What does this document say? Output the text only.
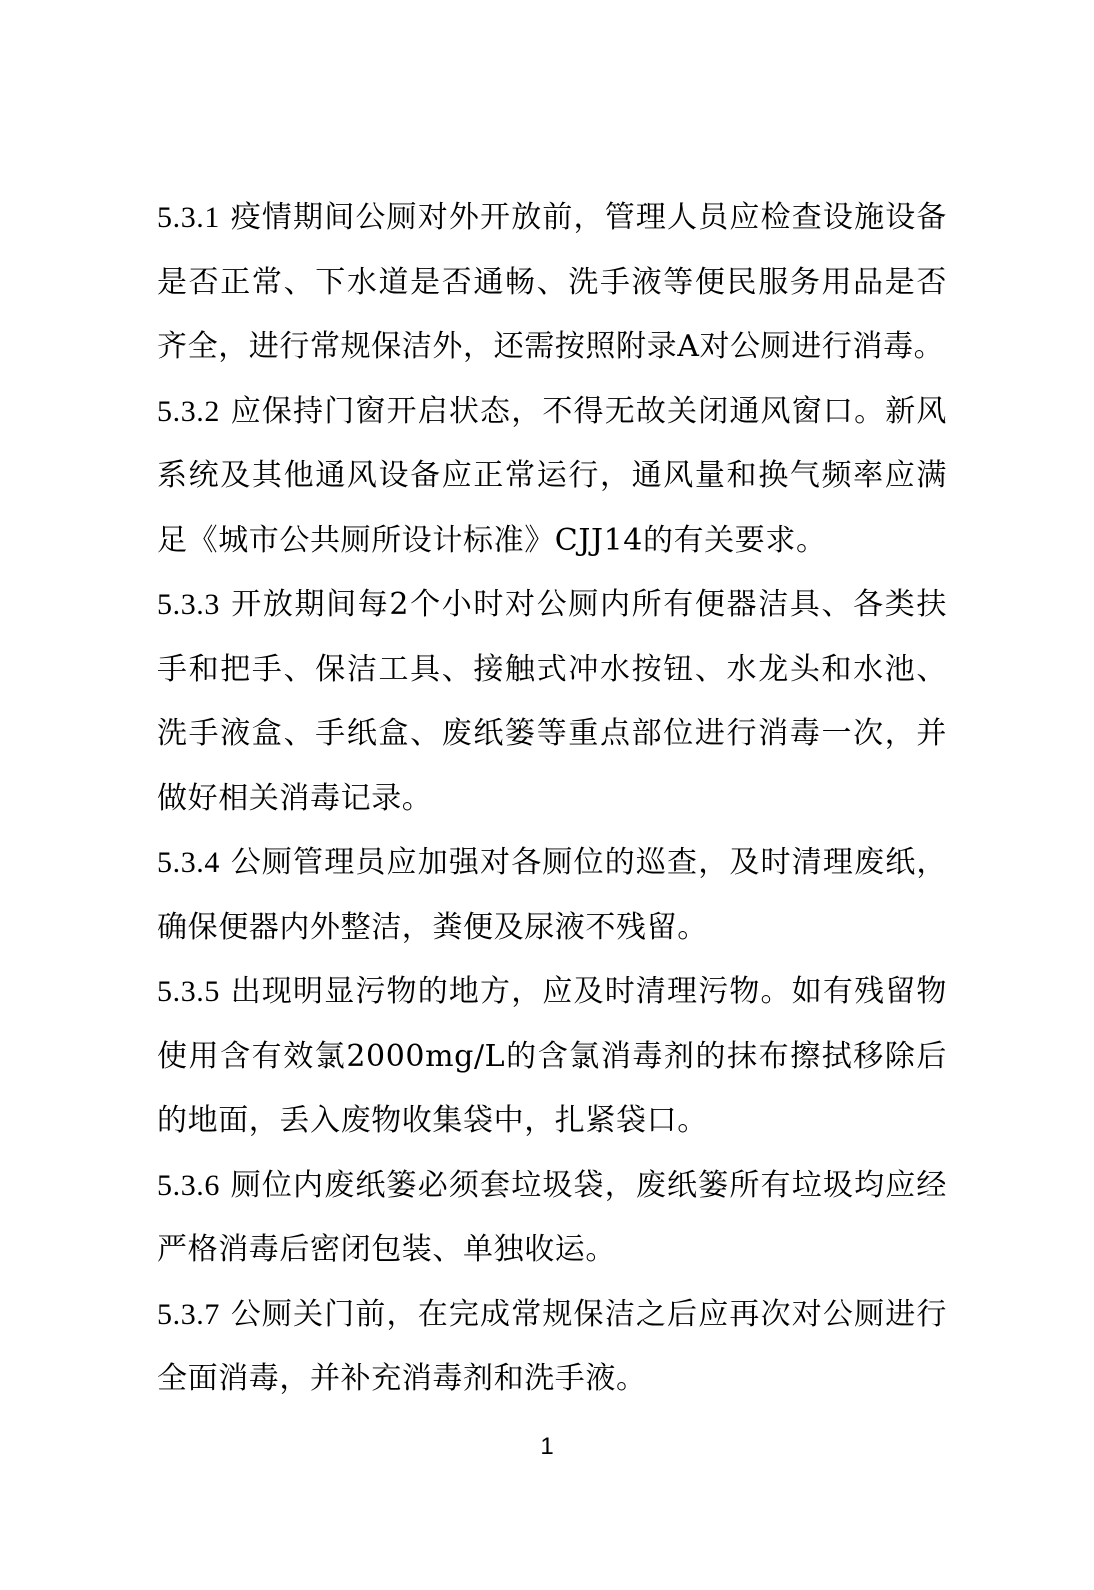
5.3.1 疫情期间公厕对外开放前，管理人员应检查设施设备是否正常、下水道是否通畅、洗手液等便民服务用品是否齐全，进行常规保洁外，还需按照附录A对公厕进行消毒。

5.3.2 应保持门窗开启状态，不得无故关闭通风窗口。新风系统及其他通风设备应正常运行，通风量和换气频率应满足《城市公共厕所设计标准》CJJ14的有关要求。

5.3.3 开放期间每2个小时对公厕内所有便器洁具、各类扶手和把手、保洁工具、接触式冲水按钮、水龙头和水池、洗手液盒、手纸盒、废纸篓等重点部位进行消毒一次，并做好相关消毒记录。

5.3.4 公厕管理员应加强对各厕位的巡查，及时清理废纸，确保便器内外整洁，粪便及尿液不残留。

5.3.5 出现明显污物的地方，应及时清理污物。如有残留物使用含有效氯2000mg/L的含氯消毒剂的抹布擦拭移除后的地面，丢入废物收集袋中，扎紧袋口。

5.3.6 厕位内废纸篓必须套垃圾袋，废纸篓所有垃圾均应经严格消毒后密闭包装、单独收运。

5.3.7 公厕关门前，在完成常规保洁之后应再次对公厕进行全面消毒，并补充消毒剂和洗手液。

1
